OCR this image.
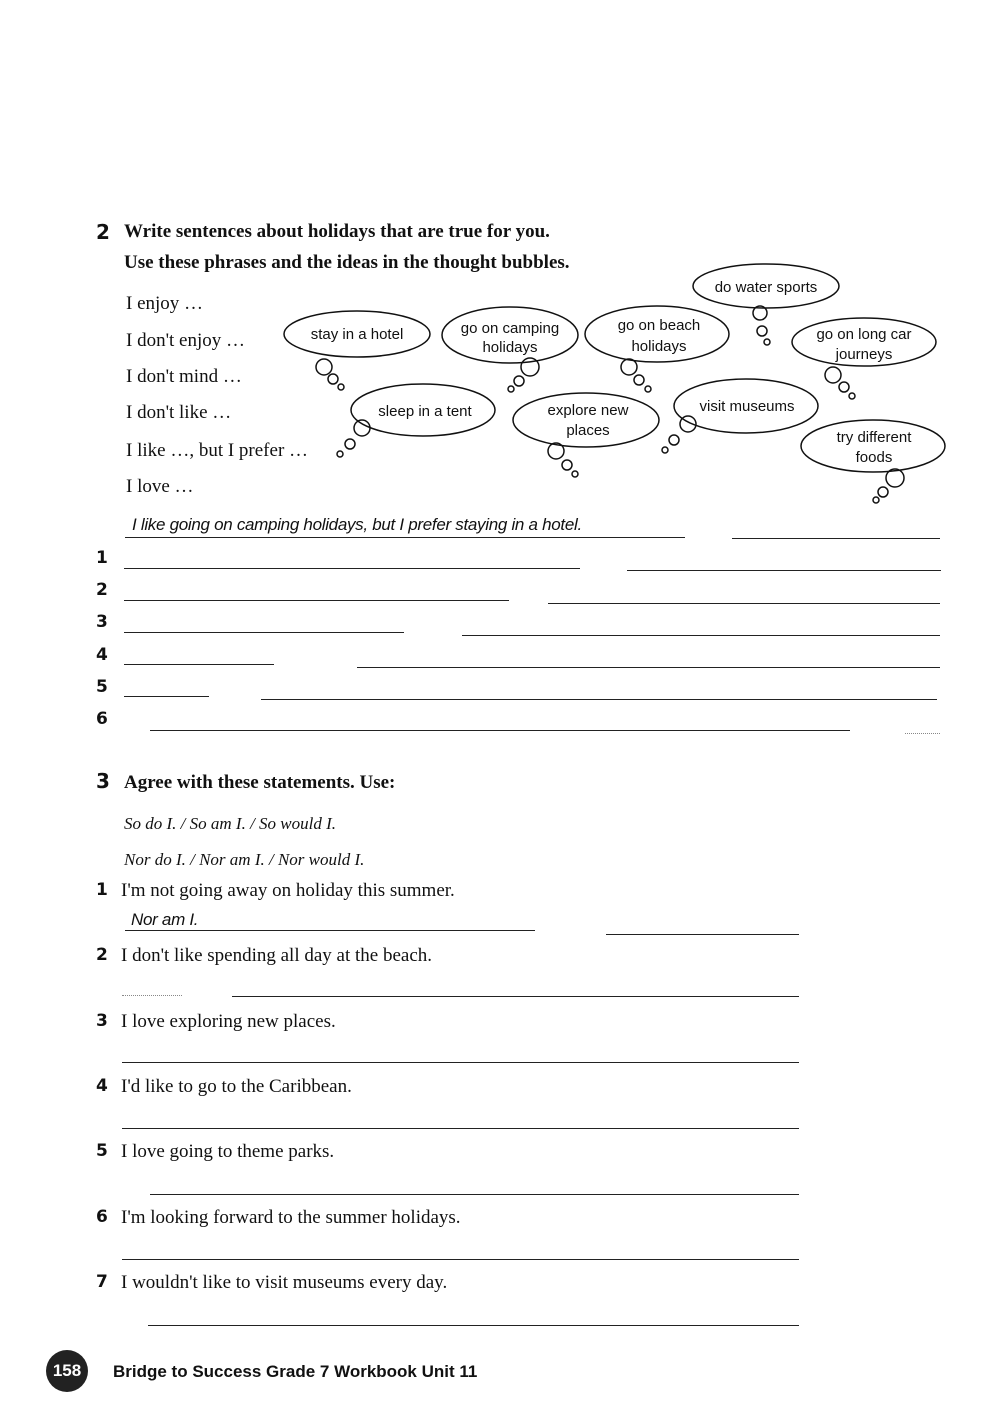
2 Write sentences about holidays that are true for you.
Use these phrases and the ideas in the thought bubbles.
I enjoy …
I don't enjoy …
I don't mind …
I don't like …
I like …, but I prefer …
I love …
do water sports
stay in a hotel	go on camping
holidays
go on beach
holidays
go on long car
journeys
sleep in a tent	explore new
places
visit museums
try different
foods
I like going on camping holidays, but I prefer staying in a hotel.
1
2
3
4
5
6
3 Agree with these statements. Use:
So do I. / So am I. / So would I.
Nor do I. / Nor am I. / Nor would I.
1 I'm not going away on holiday this summer.
Nor am I.
2 I don't like spending all day at the beach.
3 I love exploring new places.
4 I'd like to go to the Caribbean.
5 I love going to theme parks.
6 I'm looking forward to the summer holidays.
7 I wouldn't like to visit museums every day.
158	Bridge to Success Grade 7 Workbook Unit 11
